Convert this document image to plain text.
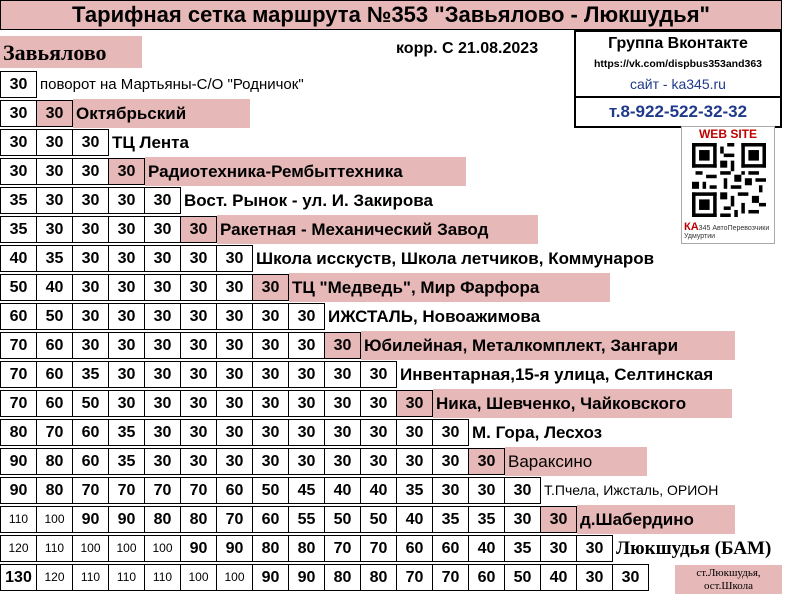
Тарифная сетка маршрута №353 "Завьялово - Люкшудья"
Завьялово	корр. С 21.08.2023	Группа Вконтакте
https://vk.com/dispbus353and363
сайт - ka345.ru
т.8-922-522-32-32
WEB SITE
КА345 АвтоПеревозчики Удмуртии
30 поворот на Мартьяны-С/О "Родничок"
30	30 Октябрьский
30	30	30 ТЦ Лента
30	30	30	30 Радиотехника-Рембыттехника
35	30	30	30	30 Вост. Рынок - ул. И. Закирова
35	30	30	30	30	30 Ракетная - Механический Завод
40	35	30	30	30	30	30 Школа исскуств, Школа летчиков, Коммунаров
50	40	30	30	30	30	30	30 ТЦ "Медведь", Мир Фарфора
60	50	30	30	30	30	30	30	30 ИЖСТАЛЬ, Новоажимова
70	60	30	30	30	30	30	30	30	30 Юбилейная, Металкомплект, Зангари
70	60	35	30	30	30	30	30	30	30	30 Инвентарная,15-я улица, Селтинская
70	60	50	30	30	30	30	30	30	30	30	30 Ника, Шевченко, Чайковского
80	70	60	35	30	30	30	30	30	30	30	30	30 М. Гора, Лесхоз
90	80	60	35	30	30	30	30	30	30	30	30	30	30 Вараксино
90	80	70	70	70	70	60	50	45	40	40	35	30	30	30 Т.Пчела, Ижсталь, ОРИОН
110	100	90	90	80	80	70	60	55	50	50	40	35	35	30	30 д.Шабердино
120	110	100	100	100	90	90	80	80	70	70	60	60	40	35	30	30 Люкшудья (БАМ)
130	120	110	110	110	100	100	90	90	80	80	70	70	60	50	40	30	30	ст.Люкшудья,
ост.Школа
